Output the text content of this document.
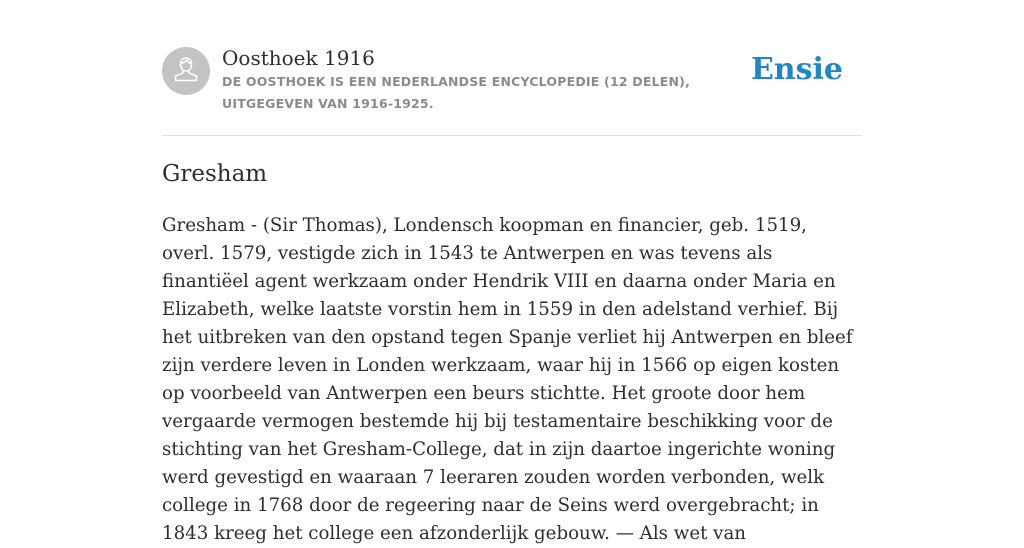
Oosthoek 1916
DE OOSTHOEK IS EEN NEDERLANDSE ENCYCLOPEDIE (12 DELEN), UITGEGEVEN VAN 1916-1925.
Ensie
Gresham

Gresham - (Sir Thomas), Londensch koopman en financier, geb. 1519, overl. 1579, vestigde zich in 1543 te Antwerpen en was tevens als finantiëel agent werkzaam onder Hendrik VIII en daarna onder Maria en Elizabeth, welke laatste vorstin hem in 1559 in den adelstand verhief. Bij het uitbreken van den opstand tegen Spanje verliet hij Antwerpen en bleef zijn verdere leven in Londen werkzaam, waar hij in 1566 op eigen kosten op voorbeeld van Antwerpen een beurs stichtte. Het groote door hem vergaarde vermogen bestemde hij bij testamentaire beschikking voor de stichting van het Gresham-College, dat in zijn daartoe ingerichte woning werd gevestigd en waaraan 7 leeraren zouden worden verbonden, welk college in 1768 door de regeering naar de Seins werd overgebracht; in 1843 kreeg het college een afzonderlijk gebouw. — Als wet van
